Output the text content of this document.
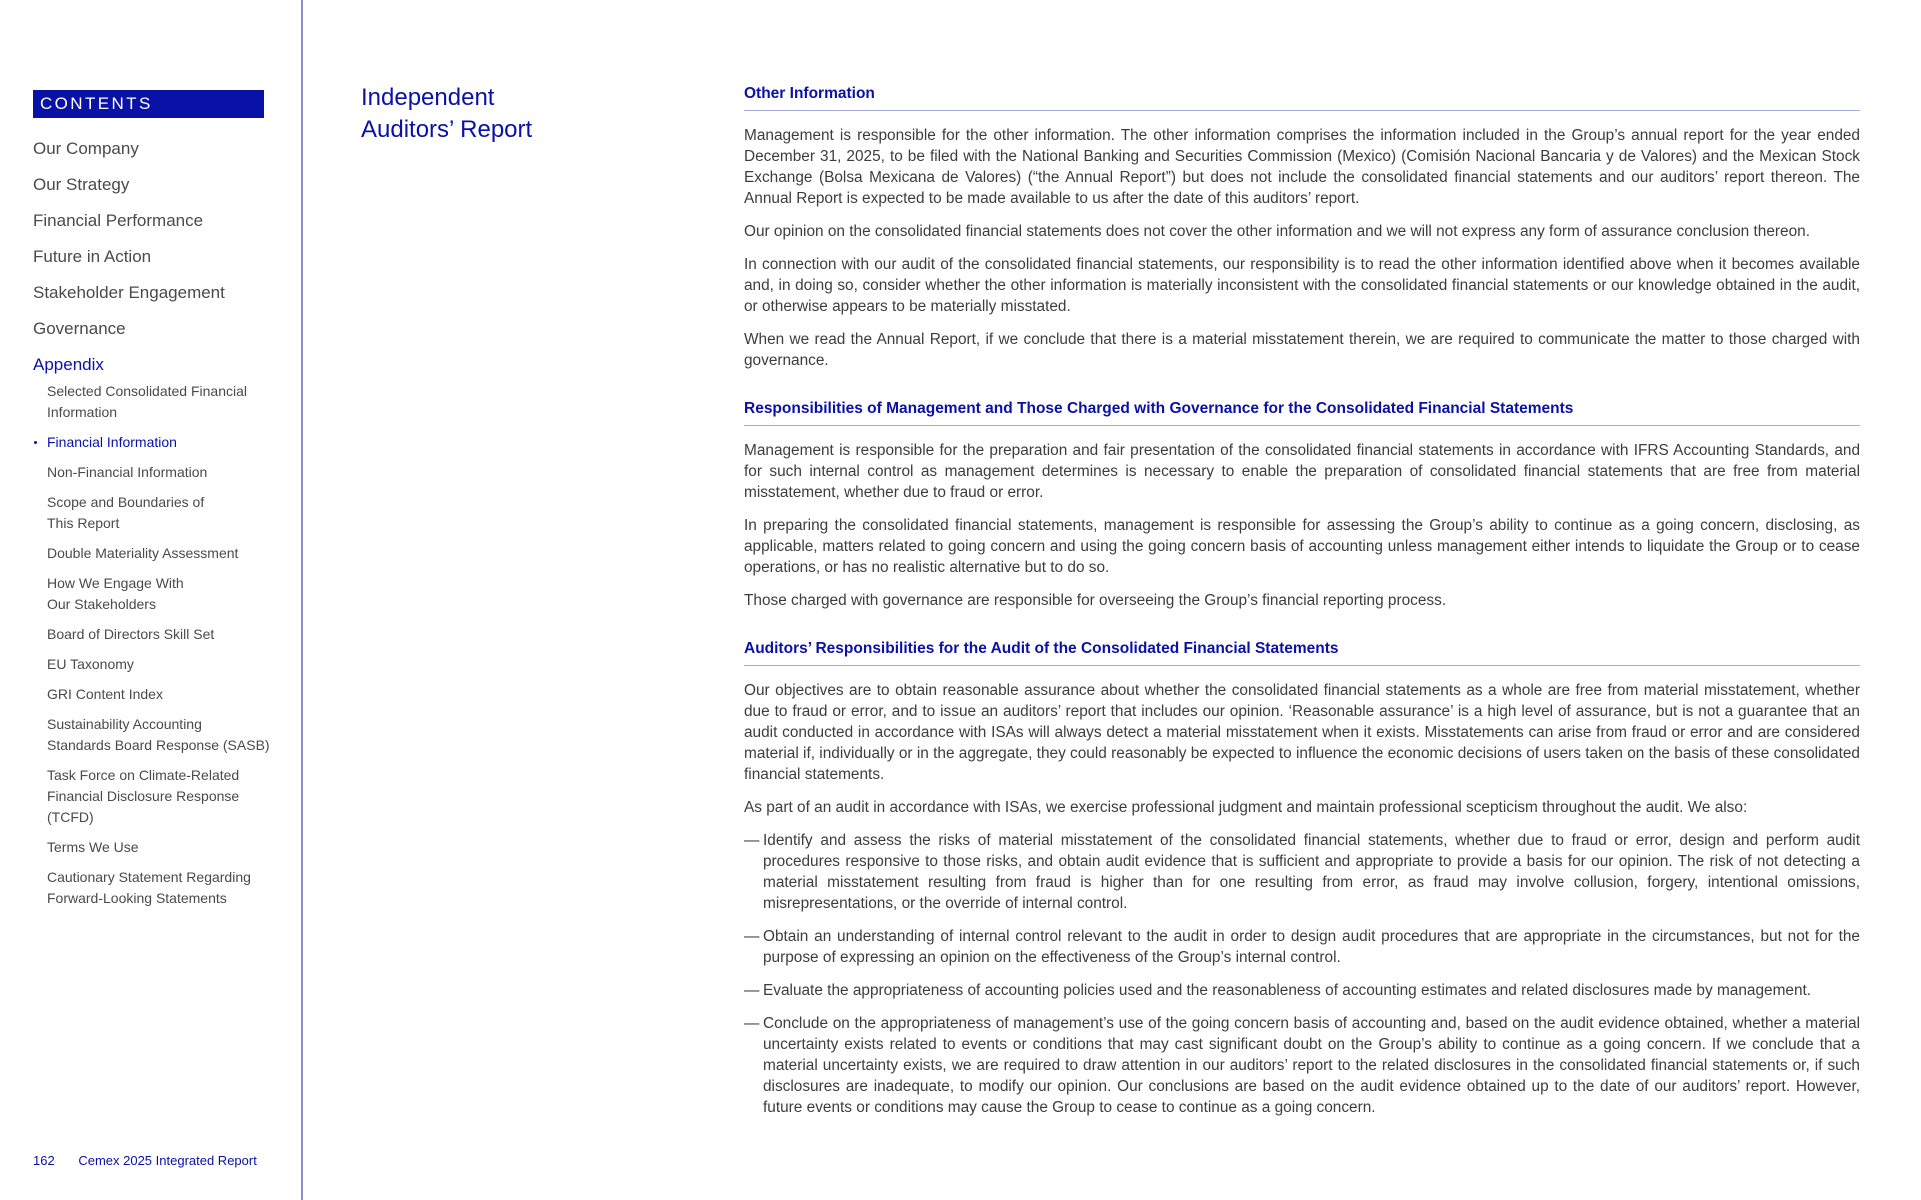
CONTENTS
Our Company
Our Strategy
Financial Performance
Future in Action
Stakeholder Engagement
Governance
Appendix
Selected Consolidated Financial
Information
Financial Information
Non-Financial Information
Scope and Boundaries of
This Report
Double Materiality Assessment
How We Engage With
Our Stakeholders
Board of Directors Skill Set
EU Taxonomy
GRI Content Index
Sustainability Accounting
Standards Board Response (SASB)
Task Force on Climate-Related
Financial Disclosure Response
(TCFD)
Terms We Use
Cautionary Statement Regarding
Forward-Looking Statements
162 Cemex 2025 Integrated Report
Independent
Auditors’ Report
Other Information

Management is responsible for the other information. The other information comprises the information included in the Group’s annual report for the year ended December 31, 2025, to be filed with the National Banking and Securities Commission (Mexico) (Comisión Nacional Bancaria y de Valores) and the Mexican Stock Exchange (Bolsa Mexicana de Valores) (“the Annual Report”) but does not include the consolidated financial statements and our auditors’ report thereon. The Annual Report is expected to be made available to us after the date of this auditors’ report.

Our opinion on the consolidated financial statements does not cover the other information and we will not express any form of assurance conclusion thereon.

In connection with our audit of the consolidated financial statements, our responsibility is to read the other information identified above when it becomes available and, in doing so, consider whether the other information is materially inconsistent with the consolidated financial statements or our knowledge obtained in the audit, or otherwise appears to be materially misstated.

When we read the Annual Report, if we conclude that there is a material misstatement therein, we are required to communicate the matter to those charged with governance.

Responsibilities of Management and Those Charged with Governance for the Consolidated Financial Statements

Management is responsible for the preparation and fair presentation of the consolidated financial statements in accordance with IFRS Accounting Standards, and for such internal control as management determines is necessary to enable the preparation of consolidated financial statements that are free from material misstatement, whether due to fraud or error.

In preparing the consolidated financial statements, management is responsible for assessing the Group’s ability to continue as a going concern, disclosing, as applicable, matters related to going concern and using the going concern basis of accounting unless management either intends to liquidate the Group or to cease operations, or has no realistic alternative but to do so.

Those charged with governance are responsible for overseeing the Group’s financial reporting process.

Auditors’ Responsibilities for the Audit of the Consolidated Financial Statements

Our objectives are to obtain reasonable assurance about whether the consolidated financial statements as a whole are free from material misstatement, whether due to fraud or error, and to issue an auditors’ report that includes our opinion. ‘Reasonable assurance’ is a high level of assurance, but is not a guarantee that an audit conducted in accordance with ISAs will always detect a material misstatement when it exists. Misstatements can arise from fraud or error and are considered material if, individually or in the aggregate, they could reasonably be expected to influence the economic decisions of users taken on the basis of these consolidated financial statements.

As part of an audit in accordance with ISAs, we exercise professional judgment and maintain professional scepticism throughout the audit. We also:

— Identify and assess the risks of material misstatement of the consolidated financial statements, whether due to fraud or error, design and perform audit procedures responsive to those risks, and obtain audit evidence that is sufficient and appropriate to provide a basis for our opinion. The risk of not detecting a material misstatement resulting from fraud is higher than for one resulting from error, as fraud may involve collusion, forgery, intentional omissions, misrepresentations, or the override of internal control.
— Obtain an understanding of internal control relevant to the audit in order to design audit procedures that are appropriate in the circumstances, but not for the purpose of expressing an opinion on the effectiveness of the Group’s internal control.
— Evaluate the appropriateness of accounting policies used and the reasonableness of accounting estimates and related disclosures made by management.
— Conclude on the appropriateness of management’s use of the going concern basis of accounting and, based on the audit evidence obtained, whether a material uncertainty exists related to events or conditions that may cast significant doubt on the Group’s ability to continue as a going concern. If we conclude that a material uncertainty exists, we are required to draw attention in our auditors’ report to the related disclosures in the consolidated financial statements or, if such disclosures are inadequate, to modify our opinion. Our conclusions are based on the audit evidence obtained up to the date of our auditors’ report. However, future events or conditions may cause the Group to cease to continue as a going concern.
